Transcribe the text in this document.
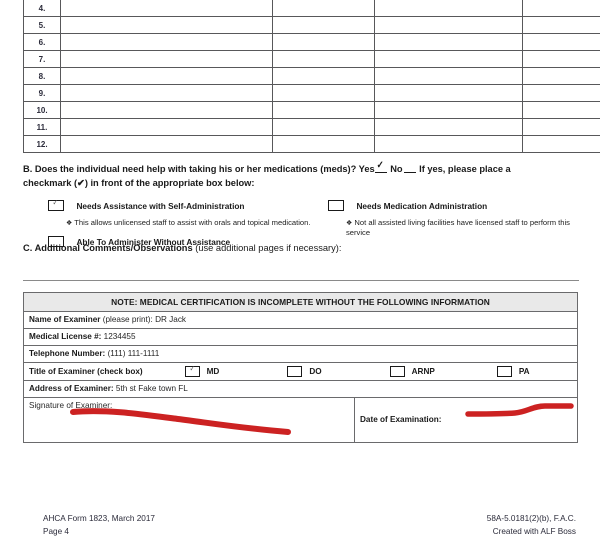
4.				
5.				
6.				
7.				
8.				
9.				
10.				
11.				
12.				
B. Does the individual need help with taking his or her medications (meds)? Yes ✓ No If yes, please place a
checkmark (✔) in front of the appropriate box below:
✓ Needs Assistance with Self-Administration
❖ This allows unlicensed staff to assist with orals and topical medication.
Needs Medication Administration
❖ Not all assisted living facilities have licensed staff to perform this service
Able To Administer Without Assistance
C. Additional Comments/Observations (use additional pages if necessary):
NOTE: MEDICAL CERTIFICATION IS INCOMPLETE WITHOUT THE FOLLOWING INFORMATION
Name of Examiner (please print): DR Jack
Medical License #: 1234455
Telephone Number: (111) 111-1111

Title of Examiner (check box) ✓	MD	DO	ARNP	PA

Address of Examiner: 5th st Fake town FL

Signature of Examiner:	Date of Examination:
AHCA Form 1823, March 2017
Page 4
58A-5.0181(2)(b), F.A.C.
Created with ALF Boss
